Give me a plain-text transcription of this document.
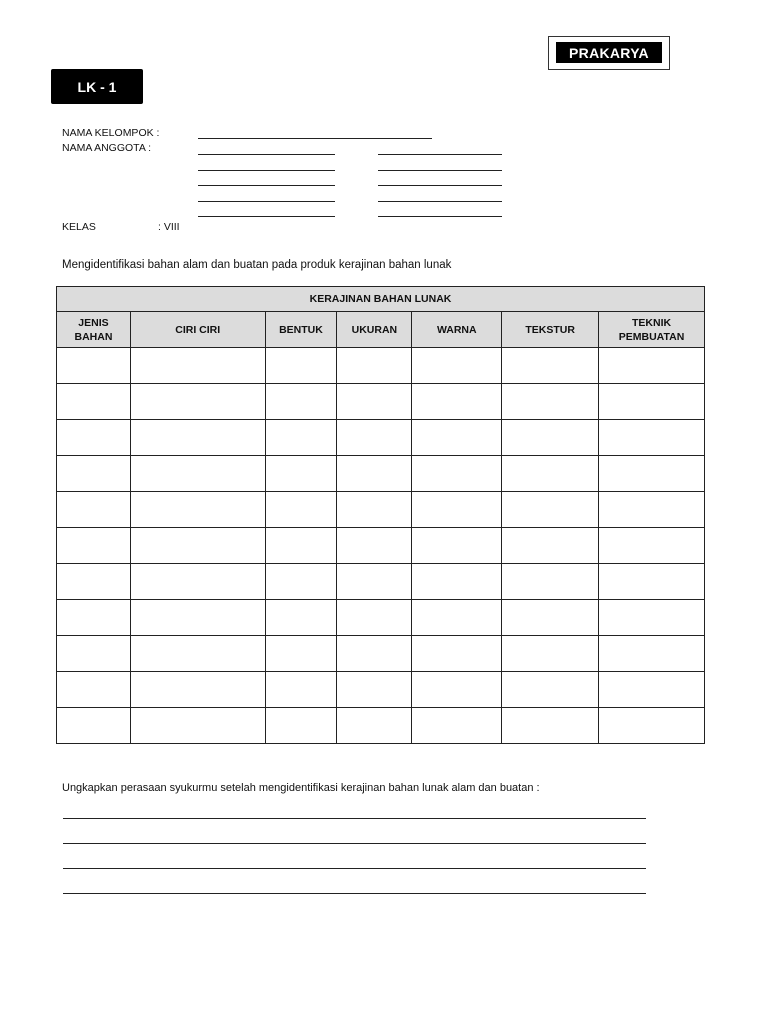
PRAKARYA
LK - 1
NAMA KELOMPOK :
NAMA ANGGOTA :
KELAS	: VIII
Mengidentifikasi bahan alam dan buatan pada produk kerajinan bahan lunak
KERAJINAN BAHAN LUNAK						
JENIS BAHAN	CIRI CIRI	BENTUK	UKURAN	WARNA	TEKSTUR	TEKNIK PEMBUATAN

Ungkapkan perasaan syukurmu setelah mengidentifikasi kerajinan bahan lunak alam dan buatan :
